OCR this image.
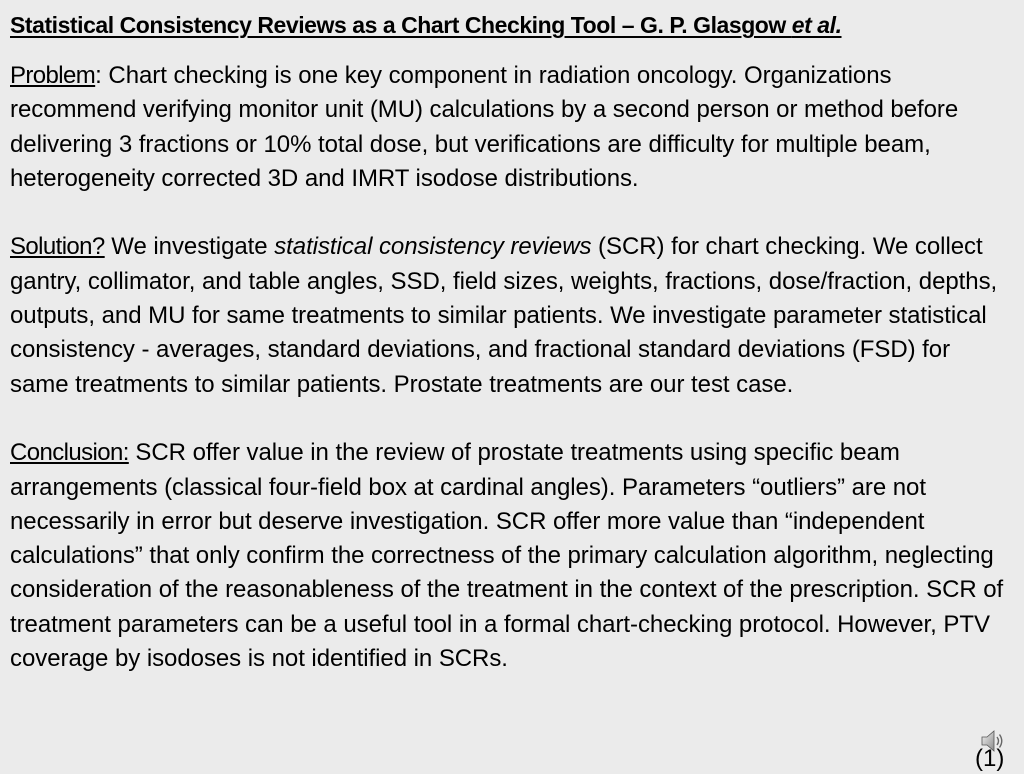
Statistical Consistency Reviews as a Chart Checking Tool – G. P. Glasgow et al.

Problem: Chart checking is one key component in radiation oncology. Organizations recommend verifying monitor unit (MU) calculations by a second person or method before delivering 3 fractions or 10% total dose, but verifications are difficulty for multiple beam, heterogeneity corrected 3D and IMRT isodose distributions.

Solution? We investigate statistical consistency reviews (SCR) for chart checking. We collect gantry, collimator, and table angles, SSD, field sizes, weights, fractions, dose/fraction, depths, outputs, and MU for same treatments to similar patients. We investigate parameter statistical consistency - averages, standard deviations, and fractional standard deviations (FSD) for same treatments to similar patients. Prostate treatments are our test case.

Conclusion: SCR offer value in the review of prostate treatments using specific beam arrangements (classical four-field box at cardinal angles). Parameters “outliers” are not necessarily in error but deserve investigation. SCR offer more value than “independent calculations” that only confirm the correctness of the primary calculation algorithm, neglecting consideration of the reasonableness of the treatment in the context of the prescription. SCR of treatment parameters can be a useful tool in a formal chart-checking protocol. However, PTV coverage by isodoses is not identified in SCRs.

(1)
